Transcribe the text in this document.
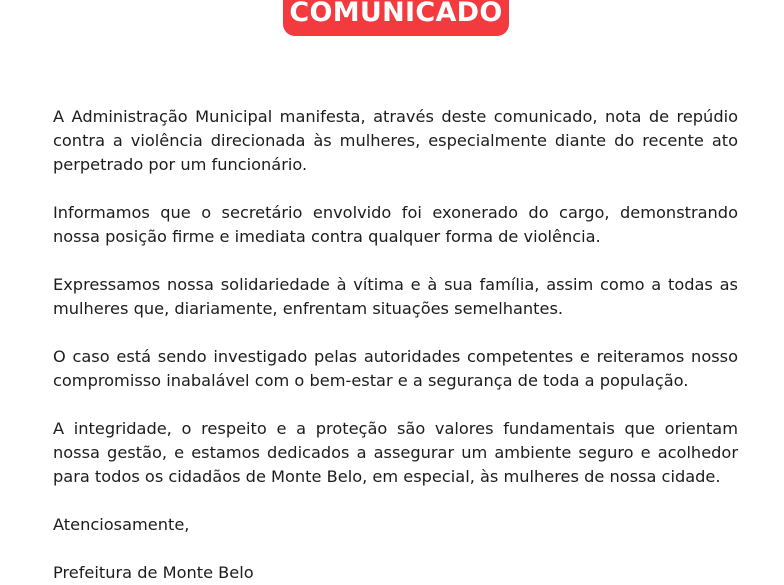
COMUNICADO

A Administração Municipal manifesta, através deste comunicado, nota de repúdio contra a violência direcionada às mulheres, especialmente diante do recente ato perpetrado por um funcionário.

Informamos que o secretário envolvido foi exonerado do cargo, demonstrando nossa posição firme e imediata contra qualquer forma de violência.

Expressamos nossa solidariedade à vítima e à sua família, assim como a todas as mulheres que, diariamente, enfrentam situações semelhantes.

O caso está sendo investigado pelas autoridades competentes e reiteramos nosso compromisso inabalável com o bem-estar e a segurança de toda a população.

A integridade, o respeito e a proteção são valores fundamentais que orientam nossa gestão, e estamos dedicados a assegurar um ambiente seguro e acolhedor para todos os cidadãos de Monte Belo, em especial, às mulheres de nossa cidade.

Atenciosamente,

Prefeitura de Monte Belo
